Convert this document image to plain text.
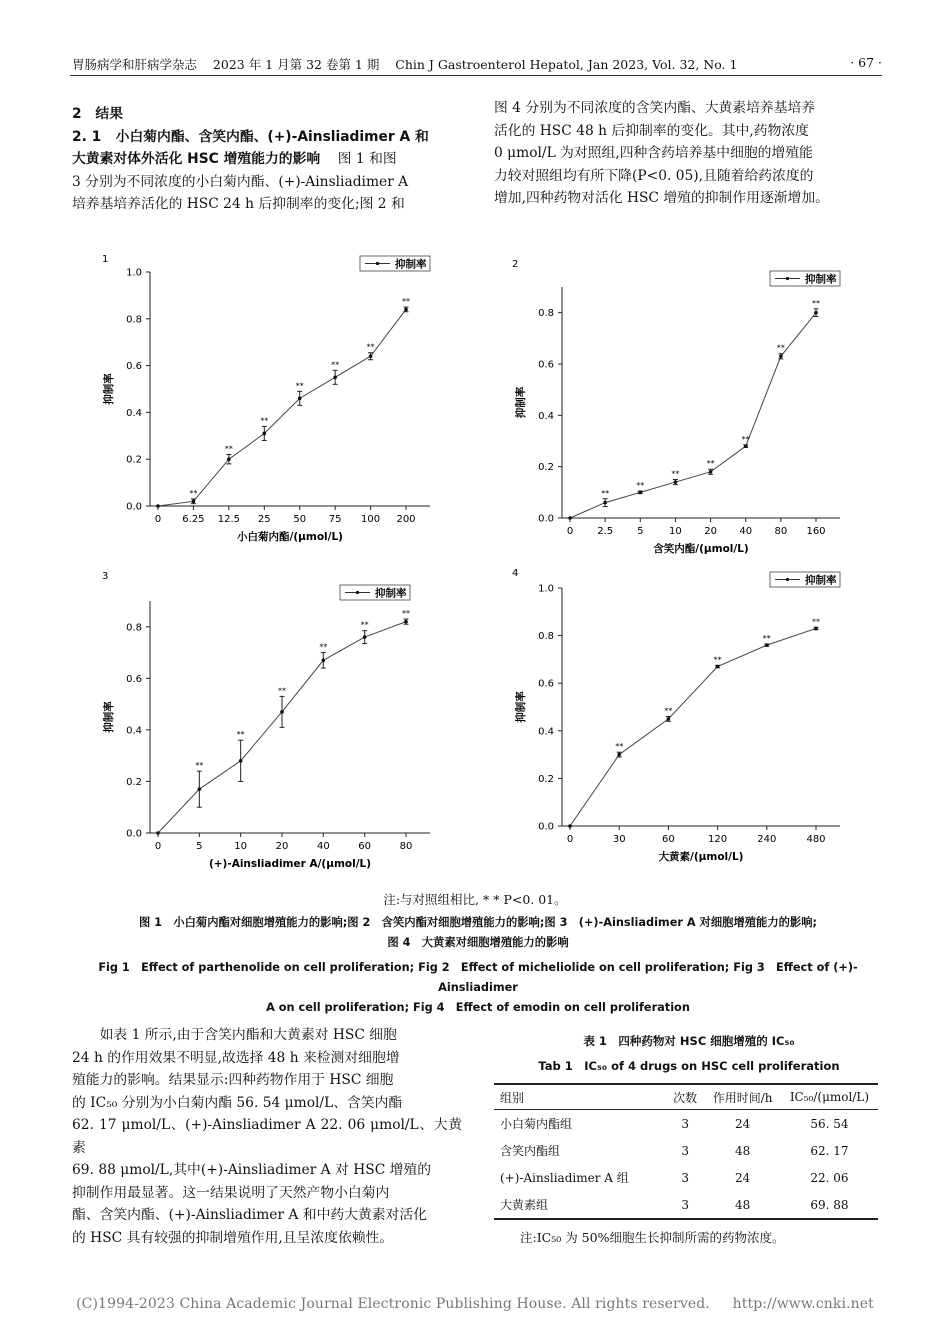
胃肠病学和肝病学杂志 2023 年 1 月第 32 卷第 1 期 Chin J Gastroenterol Hepatol, Jan 2023, Vol. 32, No. 1	· 67 ·
2　结果
2. 1 小白菊内酯、含笑内酯、(+)-Ainsliadimer A 和
大黄素对体外活化 HSC 增殖能力的影响 图 1 和图
3 分别为不同浓度的小白菊内酯、(+)-Ainsliadimer A
培养基培养活化的 HSC 24 h 后抑制率的变化;图 2 和
图 4 分别为不同浓度的含笑内酯、大黄素培养基培养
活化的 HSC 48 h 后抑制率的变化。其中,药物浓度
0 μmol/L 为对照组,四种含药培养基中细胞的增殖能
力较对照组均有所下降(P<0. 05),且随着给药浓度的
增加,四种药物对活化 HSC 增殖的抑制作用逐渐增加。
1
0.0
0.2
0.4
0.6
0.8
1.0
0 6.25 12.5 25 50 75 100 200
小白菊内酯/(μmol/L)
抑制率
抑制率
**
**
**
**
**
**
**
2
0.0
0.2
0.4
0.6
0.8
0 2.5 5	10 20 40 80 160
含笑内酯/(μmol/L)
抑制率
抑制率
**
**
**
**
**
**
**
3
0.0
0.2
0.4
0.6
0.8
0	5	10	20	40	60	80
(+)-Ainsliadimer A/(μmol/L)
抑制率
抑制率
**
**
**
**
**
**
4
0.0
0.2
0.4
0.6
0.8
1.0
0	30	60	120	240	480
大黄素/(μmol/L)
抑制率
抑制率
**
**
**
**
**
注:与对照组相比, * * P<0. 01。
图 1　小白菊内酯对细胞增殖能力的影响;图 2　含笑内酯对细胞增殖能力的影响;图 3　(+)-Ainsliadimer A 对细胞增殖能力的影响;
图 4　大黄素对细胞增殖能力的影响
Fig 1　Effect of parthenolide on cell proliferation; Fig 2　Effect of micheliolide on cell proliferation; Fig 3　Effect of (+)-Ainsliadimer
A on cell proliferation; Fig 4　Effect of emodin on cell proliferation
如表 1 所示,由于含笑内酯和大黄素对 HSC 细胞
24 h 的作用效果不明显,故选择 48 h 来检测对细胞增
殖能力的影响。结果显示:四种药物作用于 HSC 细胞
的 IC₅₀ 分别为小白菊内酯 56. 54 μmol/L、含笑内酯
62. 17 μmol/L、(+)-Ainsliadimer A 22. 06 μmol/L、大黄素
69. 88 μmol/L,其中(+)-Ainsliadimer A 对 HSC 增殖的
抑制作用最显著。这一结果说明了天然产物小白菊内
酯、含笑内酯、(+)-Ainsliadimer A 和中药大黄素对活化
的 HSC 具有较强的抑制增殖作用,且呈浓度依赖性。
表 1　四种药物对 HSC 细胞增殖的 IC₅₀
Tab 1　IC₅₀ of 4 drugs on HSC cell proliferation
组别	次数	作用时间/h	IC₅₀/(μmol/L)
小白菊内酯组	3	24	56. 54
含笑内酯组	3	48	62. 17
(+)-Ainsliadimer A 组	3	24	22. 06
大黄素组	3	48	69. 88
注:IC₅₀ 为 50%细胞生长抑制所需的药物浓度。
(C)1994-2023 China Academic Journal Electronic Publishing House. All rights reserved. http://www.cnki.net
